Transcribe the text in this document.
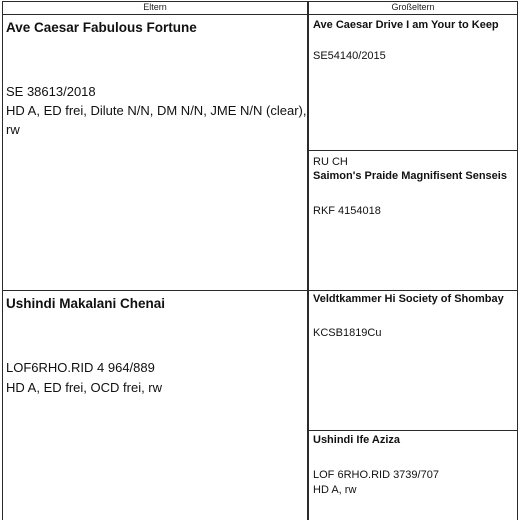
Eltern	Großeltern
Ave Caesar Fabulous Fortune
SE 38613/2018
HD A, ED frei, Dilute N/N, DM N/N, JME N/N (clear),
rw
Ushindi Makalani Chenai
LOF6RHO.RID 4 964/889
HD A, ED frei, OCD frei, rw
Ave Caesar Drive I am Your to Keep
SE54140/2015
RU CH
Saimon's Praide Magnifisent Senseis
RKF 4154018
Veldtkammer Hi Society of Shombay
KCSB1819Cu
Ushindi Ife Aziza
LOF 6RHO.RID 3739/707
HD A, rw
